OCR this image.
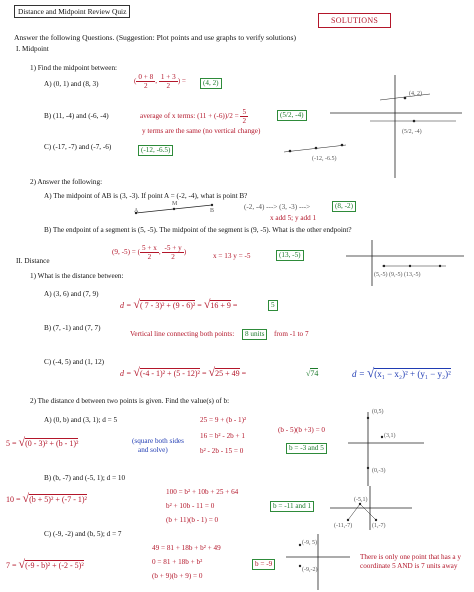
Distance and Midpoint Review Quiz
SOLUTIONS
Answer the following Questions. (Suggestion: Plot points and use graphs to verify solutions)
I. Midpoint
1) Find the midpoint between:
A) (0, 1) and (8, 3)	( $\frac{0 + 8}{2}$ , $\frac{1 + 3}{2}$ ) =	(4, 2)
B) (11, -4) and (-6, -4)	average of x terms: $(11 + (-6))/2 = \frac{5}{2}$	(5/2, -4)
y terms are the same (no vertical change)
C) (-17, -7) and (-7, -6)	(-12, -6.5)
(4, 2)
(5/2, -4)
(-12, -6.5)
2) Answer the following:
A) The midpoint of AB is (3, -3). If point A = (-2, -4), what is point B?
A
M
B	(-2, -4) ---> (3, -3) --->	(8, -2)
x add 5; y add 1
B) The endpoint of a segment is (5, -5). The midpoint of the segment is (9, -5). What is the other endpoint?
(9, -5) = ( $\frac{5 + x}{2}$ , $\frac{-5 + y}{2}$ )	x = 13 y = -5	(13, -5)
(5,-5) (9,-5) (13,-5)
II. Distance
1) What is the distance between:
A) (3, 6) and (7, 9)
d = √( 7 - 3)² + (9 - 6)² = √16 + 9 =	5
B) (7, -1) and (7, 7)
Vertical line connecting both points:	8 units	from -1 to 7
C) (-4, 5) and (1, 12)
d = √(-4 - 1)² + (5 - 12)² = √25 + 49 =	√74	d = √(x₁ − x₂)² + (y₁ − y₂)²
2) The distance d between two points is given. Find the value(s) of b:
A) (0, b) and (3, 1); d = 5
5 = √(0 - 3)² + (b - 1)²	(square both sides
and solve)
25 = 9 + (b - 1)²
16 = b² - 2b + 1
b² - 2b - 15 = 0
(b - 5)(b +3) = 0
b = -3 and 5
(0,5)
(3,1)
(0,-3)
B) (b, -7) and (-5, 1); d = 10
10 = √(b + 5)² + (-7 - 1)²
100 = b² + 10b + 25 + 64
b² + 10b - 11 = 0
(b + 11)(b - 1) = 0
b = -11 and 1
(-5,1)
(-11,-7)	(1,-7)
C) (-9, -2) and (b, 5); d = 7
7 = √(-9 - b)² + (-2 - 5)²
49 = 81 + 18b + b² + 49
0 = 81 + 18b + b²
(b + 9)(b + 9) = 0
b = -9
(-9, 5)
(-9,-2)
There is only one point that has a y coordinate 5 AND is 7 units away
